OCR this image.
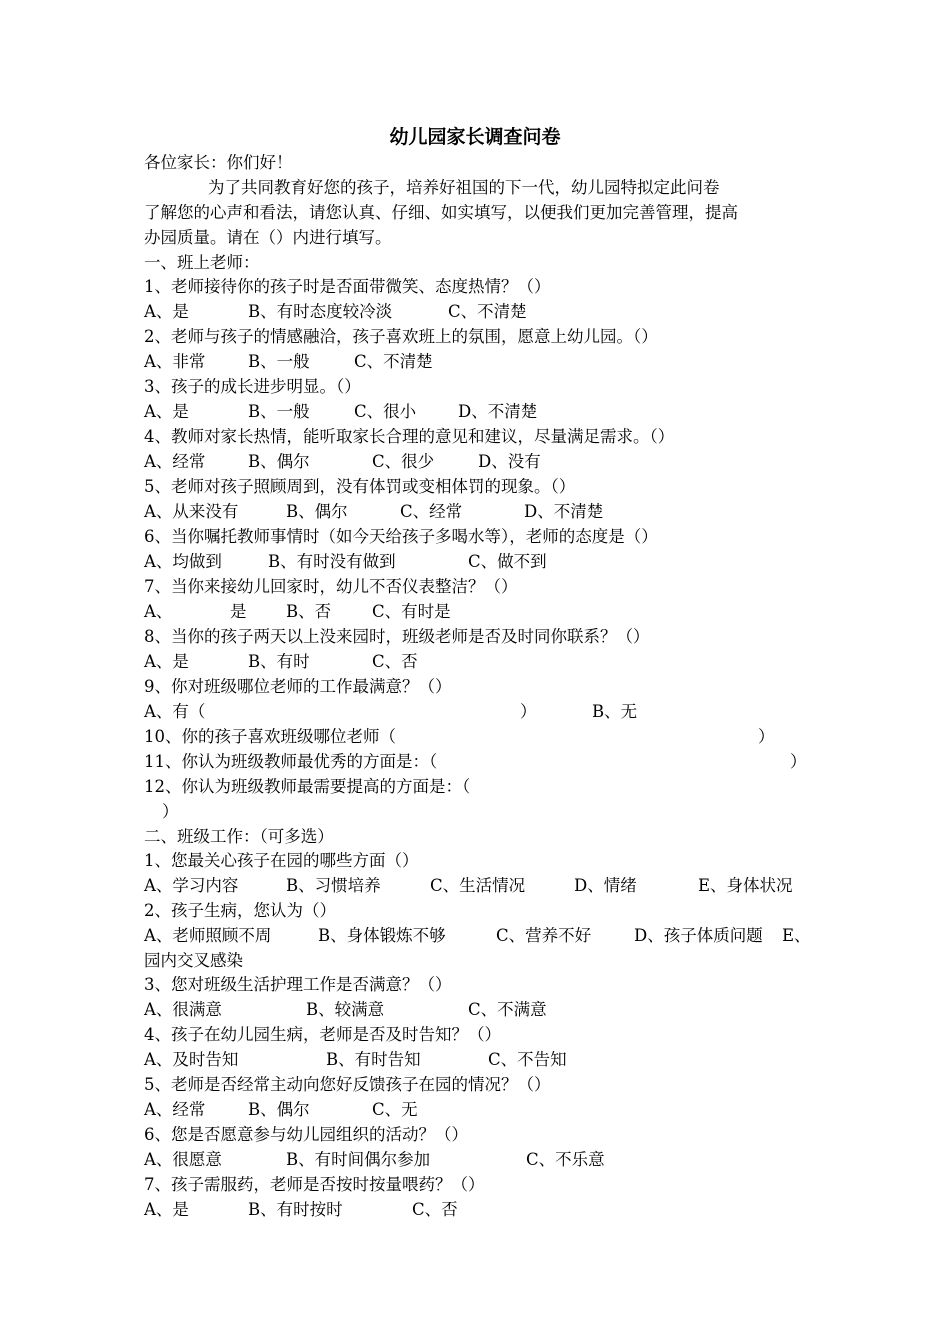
幼儿园家长调查问卷
各位家长：你们好！
为了共同教育好您的孩子，培养好祖国的下一代，幼儿园特拟定此问卷
了解您的心声和看法，请您认真、仔细、如实填写，以便我们更加完善管理，提高
办园质量。请在（）内进行填写。
一、班上老师：
1、老师接待你的孩子时是否面带微笑、态度热情？（）

A、是

	B、有时态度较冷淡

	C、不清楚

2、老师与孩子的情感融洽，孩子喜欢班上的氛围，愿意上幼儿园。（）

A、非常

	B、一般

	C、不清楚

3、孩子的成长进步明显。（）

A、是

	B、一般

	C、很小

	D、不清楚

4、教师对家长热情，能听取家长合理的意见和建议，尽量满足需求。（）

A、经常

	B、偶尔

	C、很少

	D、没有

5、老师对孩子照顾周到，没有体罚或变相体罚的现象。（）

A、从来没有

	B、偶尔

	C、经常

	D、不清楚

6、当你嘱托教师事情时（如今天给孩子多喝水等），老师的态度是（）

A、均做到

	B、有时没有做到

	C、做不到

7、当你来接幼儿回家时，幼儿不否仪表整洁？（）

A、

	是

B、否

C、有时是

8、当你的孩子两天以上没来园时，班级老师是否及时同你联系？（）

A、是

	B、有时

	C、否

9、你对班级哪位老师的工作最满意？（）

A、有（

	）

	B、无

10、你的孩子喜欢班级哪位老师（

	）

11、你认为班级教师最优秀的方面是：（

	）

12、你认为班级教师最需要提高的方面是：（
）
二、班级工作：（可多选）
1、您最关心孩子在园的哪些方面（）

A、学习内容

	B、习惯培养

	C、生活情况

	D、情绪

	E、身体状况

2、孩子生病，您认为（）

A、老师照顾不周

	B、身体锻炼不够

	C、营养不好

	D、孩子体质问题

E、

园内交叉感染
3、您对班级生活护理工作是否满意？（）

A、很满意

	B、较满意

	C、不满意

4、孩子在幼儿园生病，老师是否及时告知？（）

A、及时告知

	B、有时告知

	C、不告知

5、老师是否经常主动向您好反馈孩子在园的情况？（）

A、经常

	B、偶尔

	C、无

6、您是否愿意参与幼儿园组织的活动？（）

A、很愿意

	B、有时间偶尔参加

	C、不乐意

7、孩子需服药，老师是否按时按量喂药？（）

A、是

	B、有时按时

	C、否
